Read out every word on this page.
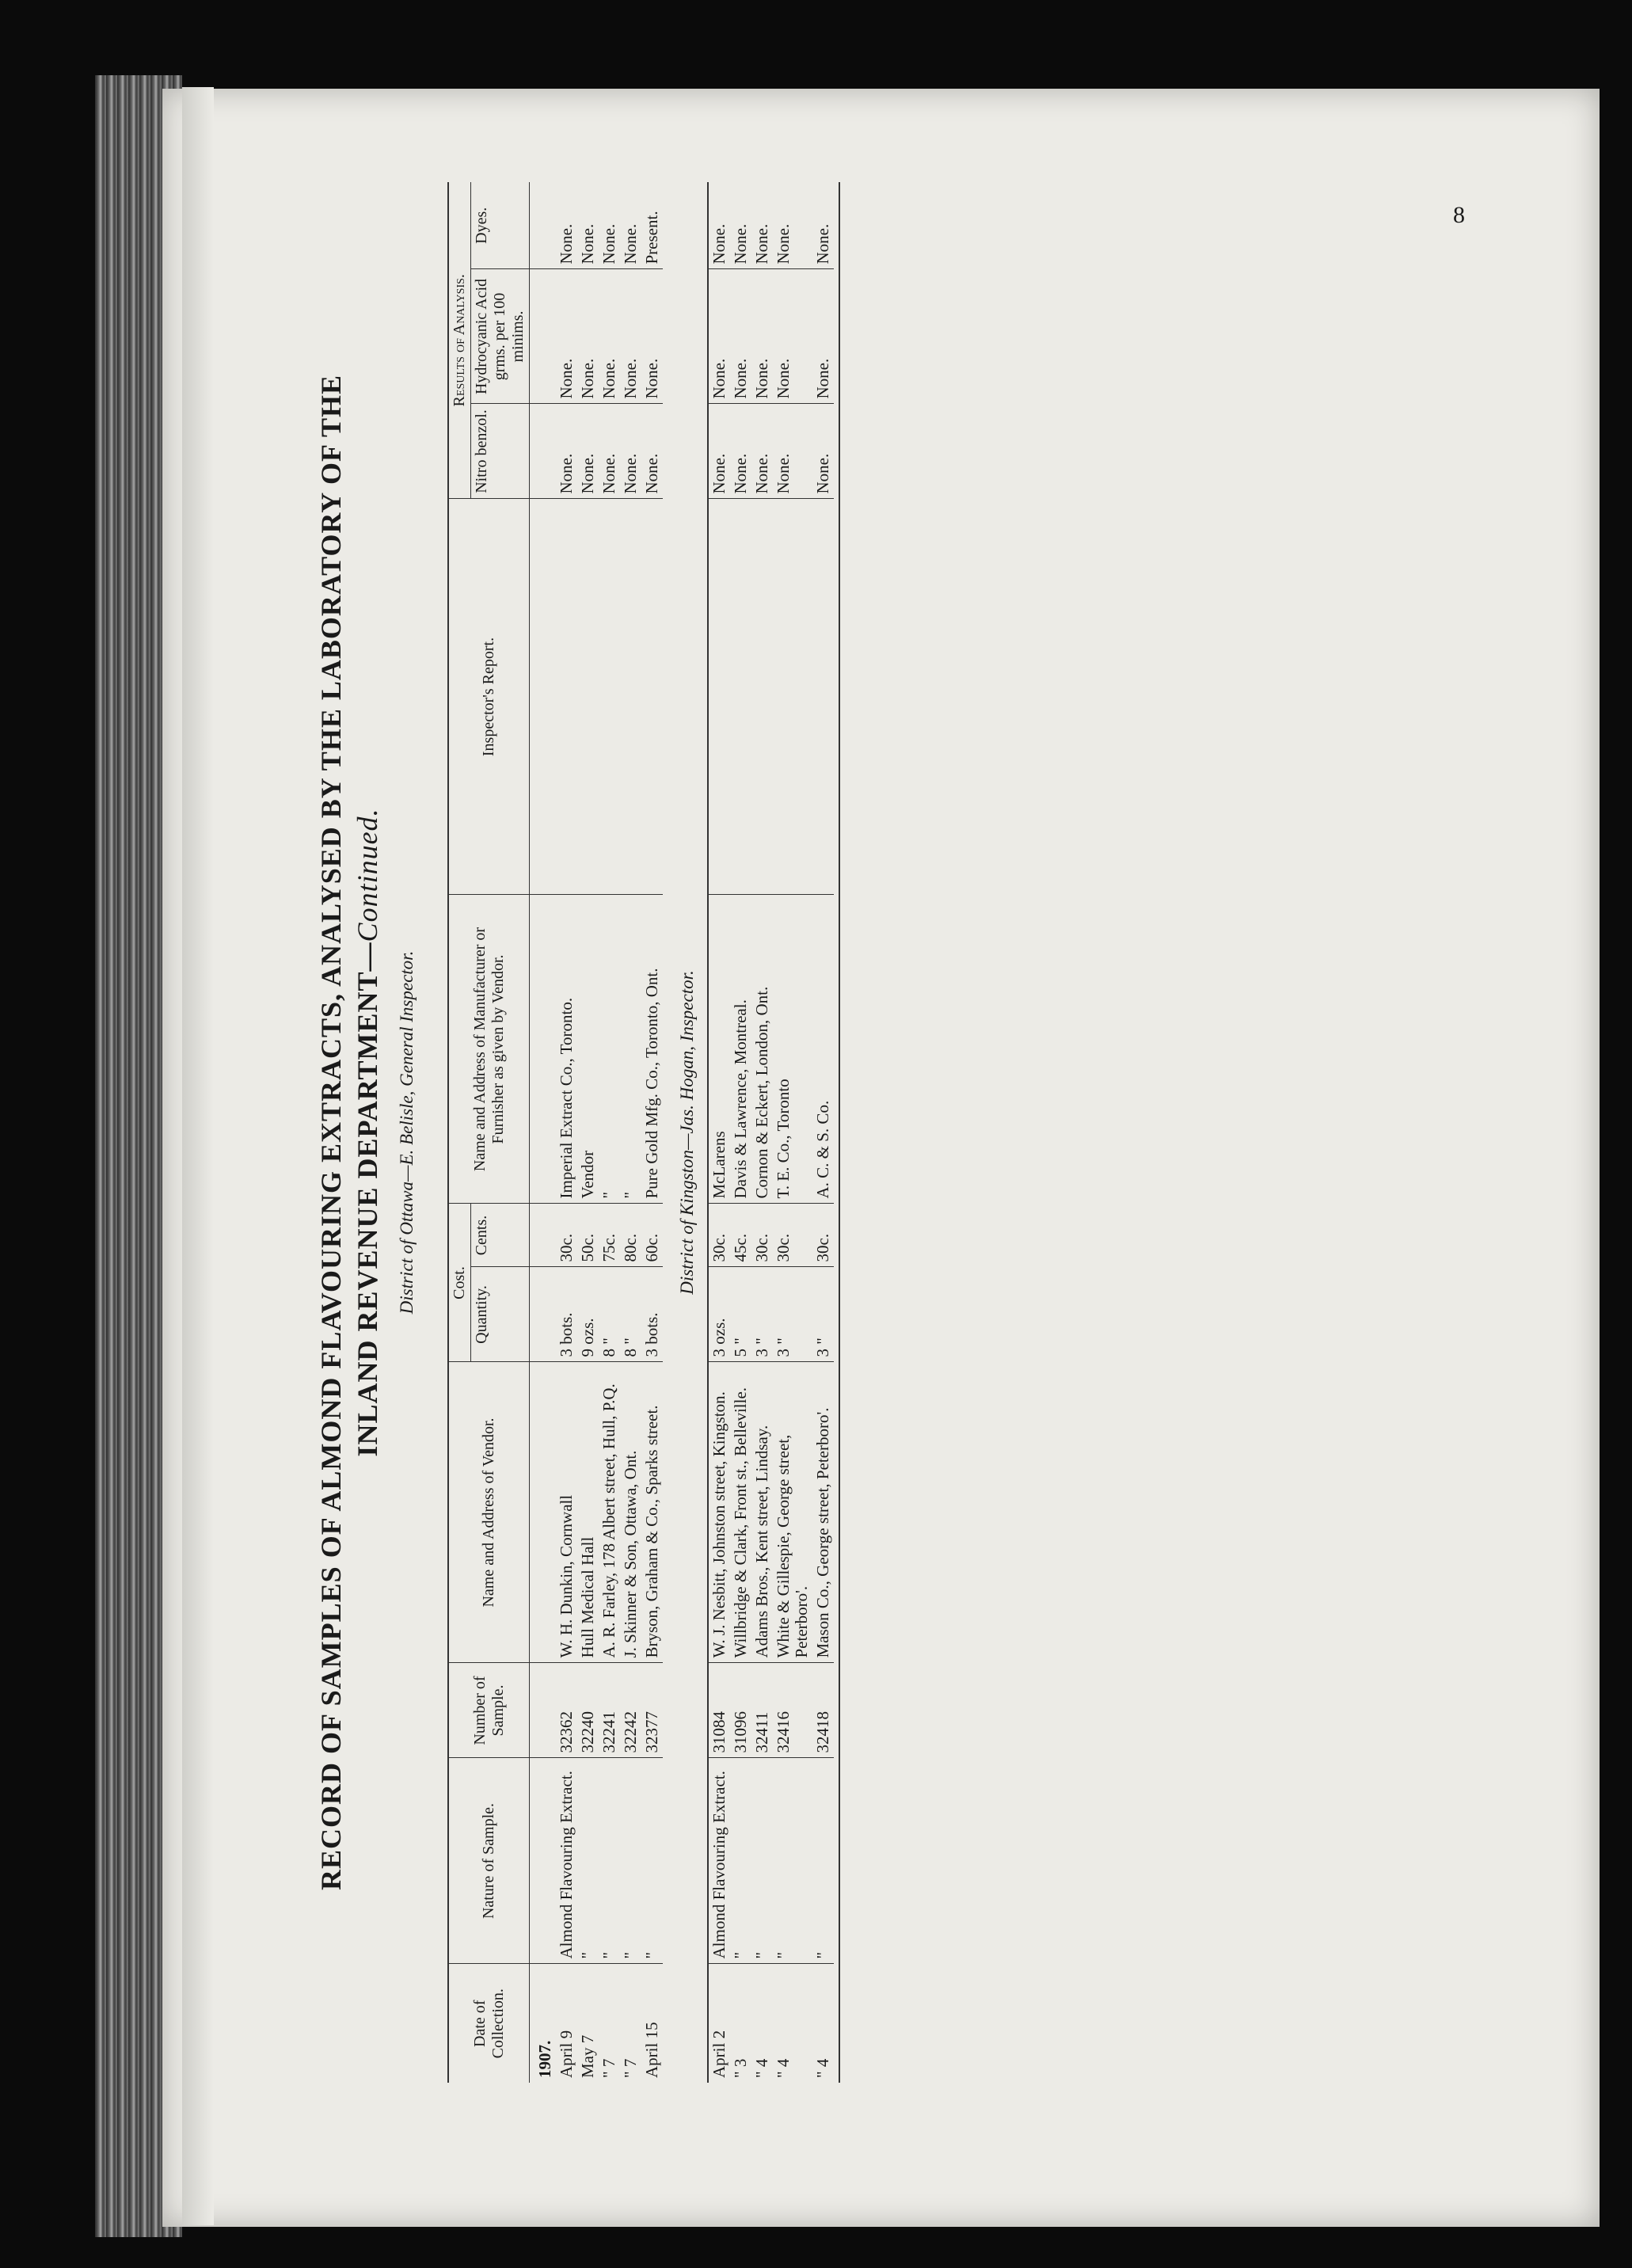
8
RECORD OF SAMPLES OF ALMOND FLAVOURING EXTRACTS, ANALYSED BY THE LABORATORY OF THE INLAND REVENUE DEPARTMENT—Continued.
District of Ottawa—E. Belisle, General Inspector.
Date of Collection.	Nature of Sample.	Number of Sample.	Name and Address of Vendor.	Cost.		Name and Address of Manufacturer or Furnisher as given by Vendor.	Inspector's Report.	Results of Analysis.		
				Quantity.	Cents.			Nitro benzol.	Hydrocyanic Acid grms. per 100 minims.	Dyes.
1907.										
April 9	Almond Flavouring Extract.	32362	W. H. Dunkin, Cornwall	3 bots.	30c.	Imperial Extract Co., Toronto.		None.	None.	None.
May 7	"	32240	Hull Medical Hall	9 ozs.	50c.	Vendor		None.	None.	None.
" 7	"	32241	A. R. Farley, 178 Albert street, Hull, P.Q.	8 "	75c.	"		None.	None.	None.
" 7	"	32242	J. Skinner & Son, Ottawa, Ont.	8 "	80c.	"		None.	None.	None.
April 15	"	32377	Bryson, Graham & Co., Sparks street.	3 bots.	60c.	Pure Gold Mfg. Co., Toronto, Ont.		None.	None.	Present.
District of Kingston—Jas. Hogan, Inspector.
April 2	Almond Flavouring Extract.	31084	W. J. Nesbitt, Johnston street, Kingston.	3 ozs.	30c.	McLarens		None.	None.	None.
" 3	"	31096	Willbridge & Clark, Front st., Belleville.	5 "	45c.	Davis & Lawrence, Montreal.		None.	None.	None.
" 4	"	32411	Adams Bros., Kent street, Lindsay.	3 "	30c.	Cornon & Eckert, London, Ont.		None.	None.	None.
" 4	"	32416	White & Gillespie, George street, Peterboro'.	3 "	30c.	T. E. Co., Toronto		None.	None.	None.
" 4	"	32418	Mason Co., George street, Peterboro'.	3 "	30c.	A. C. & S. Co.		None.	None.	None.
